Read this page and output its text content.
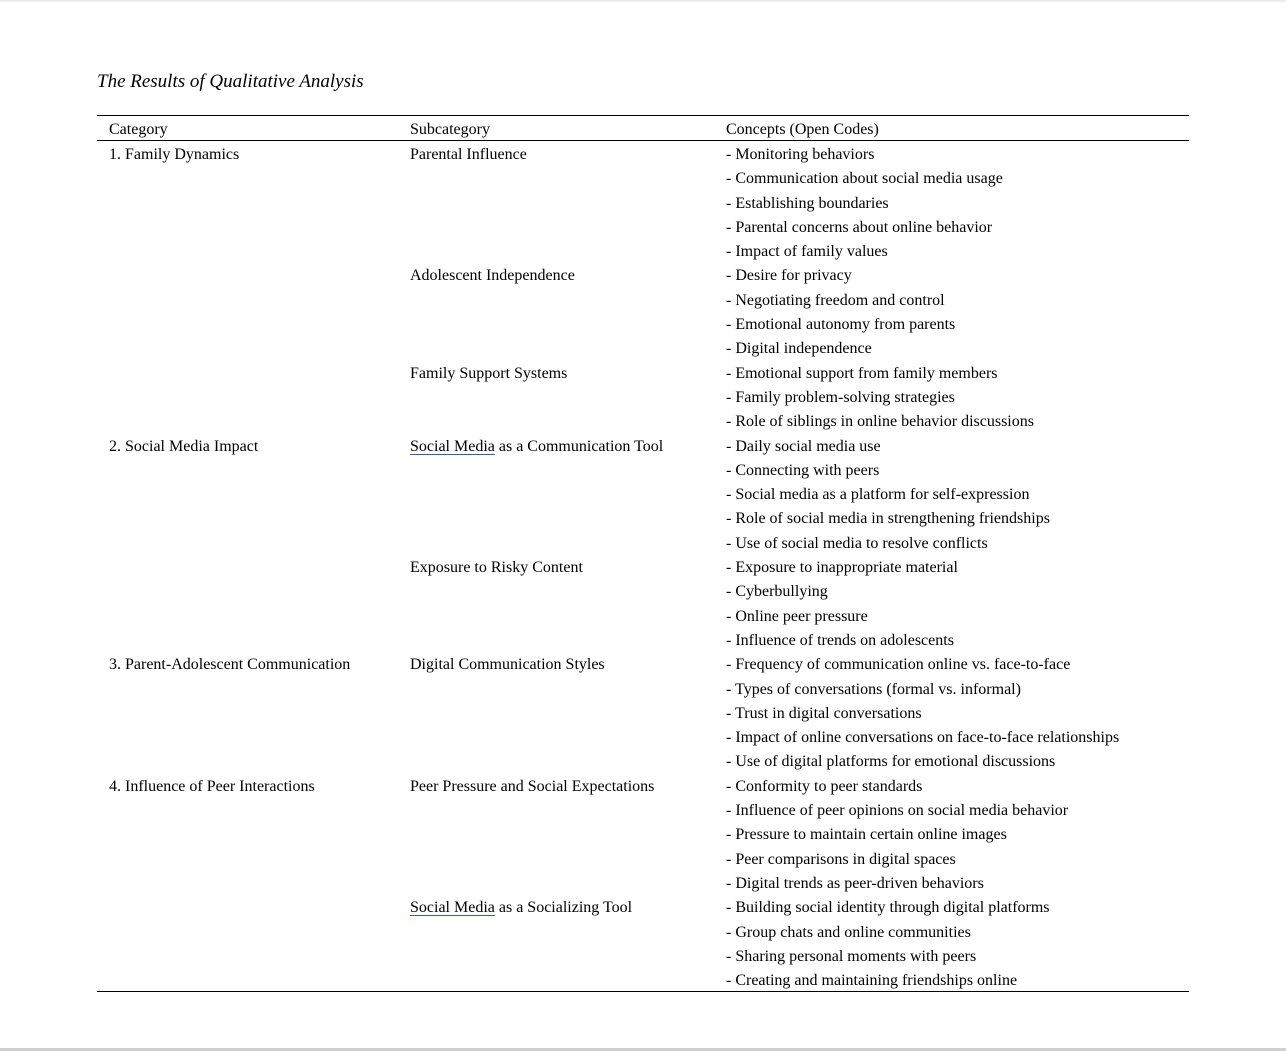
The Results of Qualitative Analysis
Category	Subcategory	Concepts (Open Codes)
1. Family Dynamics	Parental Influence	- Monitoring behaviors
- Communication about social media usage
- Establishing boundaries
- Parental concerns about online behavior
- Impact of family values
Adolescent Independence	- Desire for privacy
- Negotiating freedom and control
- Emotional autonomy from parents
- Digital independence
Family Support Systems	- Emotional support from family members
- Family problem-solving strategies
- Role of siblings in online behavior discussions
2. Social Media Impact	Social Media as a Communication Tool	- Daily social media use
- Connecting with peers
- Social media as a platform for self-expression
- Role of social media in strengthening friendships
- Use of social media to resolve conflicts
Exposure to Risky Content	- Exposure to inappropriate material
- Cyberbullying
- Online peer pressure
- Influence of trends on adolescents
3. Parent-Adolescent Communication	Digital Communication Styles	- Frequency of communication online vs. face-to-face
- Types of conversations (formal vs. informal)
- Trust in digital conversations
- Impact of online conversations on face-to-face relationships
- Use of digital platforms for emotional discussions
4. Influence of Peer Interactions	Peer Pressure and Social Expectations	- Conformity to peer standards
- Influence of peer opinions on social media behavior
- Pressure to maintain certain online images
- Peer comparisons in digital spaces
- Digital trends as peer-driven behaviors
Social Media as a Socializing Tool	- Building social identity through digital platforms
- Group chats and online communities
- Sharing personal moments with peers
- Creating and maintaining friendships online
